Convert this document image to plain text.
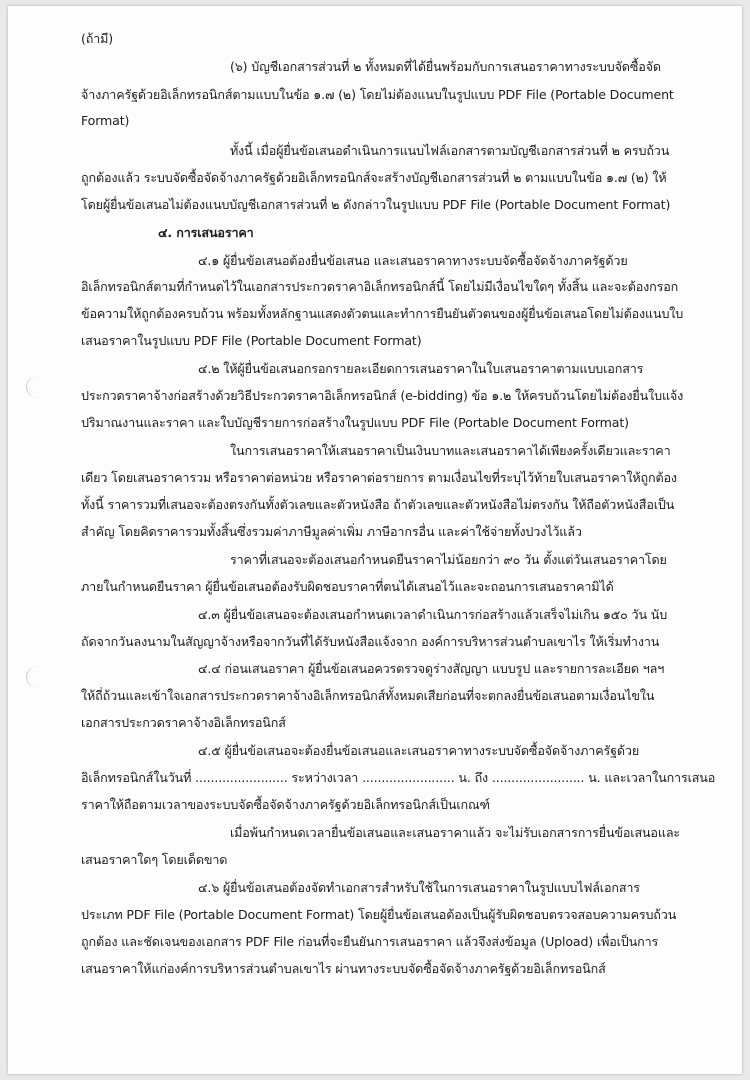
(ถ้ามี)

(๖) บัญชีเอกสารส่วนที่ ๒ ทั้งหมดที่ได้ยื่นพร้อมกับการเสนอราคาทางระบบจัดซื้อจัด

จ้างภาครัฐด้วยอิเล็กทรอนิกส์ตามแบบในข้อ ๑.๗ (๒) โดยไม่ต้องแนบในรูปแบบ PDF File (Portable Document

Format)

ทั้งนี้ เมื่อผู้ยื่นข้อเสนอดำเนินการแนบไฟล์เอกสารตามบัญชีเอกสารส่วนที่ ๒ ครบถ้วน

ถูกต้องแล้ว ระบบจัดซื้อจัดจ้างภาครัฐด้วยอิเล็กทรอนิกส์จะสร้างบัญชีเอกสารส่วนที่ ๒ ตามแบบในข้อ ๑.๗ (๒) ให้

โดยผู้ยื่นข้อเสนอไม่ต้องแนบบัญชีเอกสารส่วนที่ ๒ ดังกล่าวในรูปแบบ PDF File (Portable Document Format)

๔. การเสนอราคา

๔.๑ ผู้ยื่นข้อเสนอต้องยื่นข้อเสนอ และเสนอราคาทางระบบจัดซื้อจัดจ้างภาครัฐด้วย

อิเล็กทรอนิกส์ตามที่กำหนดไว้ในเอกสารประกวดราคาอิเล็กทรอนิกส์นี้ โดยไม่มีเงื่อนไขใดๆ ทั้งสิ้น และจะต้องกรอก

ข้อความให้ถูกต้องครบถ้วน พร้อมทั้งหลักฐานแสดงตัวตนและทำการยืนยันตัวตนของผู้ยื่นข้อเสนอโดยไม่ต้องแนบใบ

เสนอราคาในรูปแบบ PDF File (Portable Document Format)

๔.๒ ให้ผู้ยื่นข้อเสนอกรอกรายละเอียดการเสนอราคาในใบเสนอราคาตามแบบเอกสาร

ประกวดราคาจ้างก่อสร้างด้วยวิธีประกวดราคาอิเล็กทรอนิกส์ (e-bidding) ข้อ ๑.๒ ให้ครบถ้วนโดยไม่ต้องยื่นใบแจ้ง

ปริมาณงานและราคา และใบบัญชีรายการก่อสร้างในรูปแบบ PDF File (Portable Document Format)

ในการเสนอราคาให้เสนอราคาเป็นเงินบาทและเสนอราคาได้เพียงครั้งเดียวและราคา

เดียว โดยเสนอราคารวม หรือราคาต่อหน่วย หรือราคาต่อรายการ ตามเงื่อนไขที่ระบุไว้ท้ายใบเสนอราคาให้ถูกต้อง

ทั้งนี้ ราคารวมที่เสนอจะต้องตรงกันทั้งตัวเลขและตัวหนังสือ ถ้าตัวเลขและตัวหนังสือไม่ตรงกัน ให้ถือตัวหนังสือเป็น

สำคัญ โดยคิดราคารวมทั้งสิ้นซึ่งรวมค่าภาษีมูลค่าเพิ่ม ภาษีอากรอื่น และค่าใช้จ่ายทั้งปวงไว้แล้ว

ราคาที่เสนอจะต้องเสนอกำหนดยืนราคาไม่น้อยกว่า ๙๐ วัน ตั้งแต่วันเสนอราคาโดย

ภายในกำหนดยืนราคา ผู้ยื่นข้อเสนอต้องรับผิดชอบราคาที่ตนได้เสนอไว้และจะถอนการเสนอราคามิได้

๔.๓ ผู้ยื่นข้อเสนอจะต้องเสนอกำหนดเวลาดำเนินการก่อสร้างแล้วเสร็จไม่เกิน ๑๕๐ วัน นับ

ถัดจากวันลงนามในสัญญาจ้างหรือจากวันที่ได้รับหนังสือแจ้งจาก องค์การบริหารส่วนตำบลเขาไร ให้เริ่มทำงาน

๔.๔ ก่อนเสนอราคา ผู้ยื่นข้อเสนอควรตรวจดูร่างสัญญา แบบรูป และรายการละเอียด ฯลฯ

ให้ถี่ถ้วนและเข้าใจเอกสารประกวดราคาจ้างอิเล็กทรอนิกส์ทั้งหมดเสียก่อนที่จะตกลงยื่นข้อเสนอตามเงื่อนไขใน

เอกสารประกวดราคาจ้างอิเล็กทรอนิกส์

๔.๕ ผู้ยื่นข้อเสนอจะต้องยื่นข้อเสนอและเสนอราคาทางระบบจัดซื้อจัดจ้างภาครัฐด้วย

อิเล็กทรอนิกส์ในวันที่ ........................ ระหว่างเวลา ........................ น. ถึง ........................ น. และเวลาในการเสนอ

ราคาให้ถือตามเวลาของระบบจัดซื้อจัดจ้างภาครัฐด้วยอิเล็กทรอนิกส์เป็นเกณฑ์

เมื่อพ้นกำหนดเวลายื่นข้อเสนอและเสนอราคาแล้ว จะไม่รับเอกสารการยื่นข้อเสนอและ

เสนอราคาใดๆ โดยเด็ดขาด

๔.๖ ผู้ยื่นข้อเสนอต้องจัดทำเอกสารสำหรับใช้ในการเสนอราคาในรูปแบบไฟล์เอกสาร

ประเภท PDF File (Portable Document Format) โดยผู้ยื่นข้อเสนอต้องเป็นผู้รับผิดชอบตรวจสอบความครบถ้วน

ถูกต้อง และชัดเจนของเอกสาร PDF File ก่อนที่จะยืนยันการเสนอราคา แล้วจึงส่งข้อมูล (Upload) เพื่อเป็นการ

เสนอราคาให้แก่องค์การบริหารส่วนตำบลเขาไร ผ่านทางระบบจัดซื้อจัดจ้างภาครัฐด้วยอิเล็กทรอนิกส์
